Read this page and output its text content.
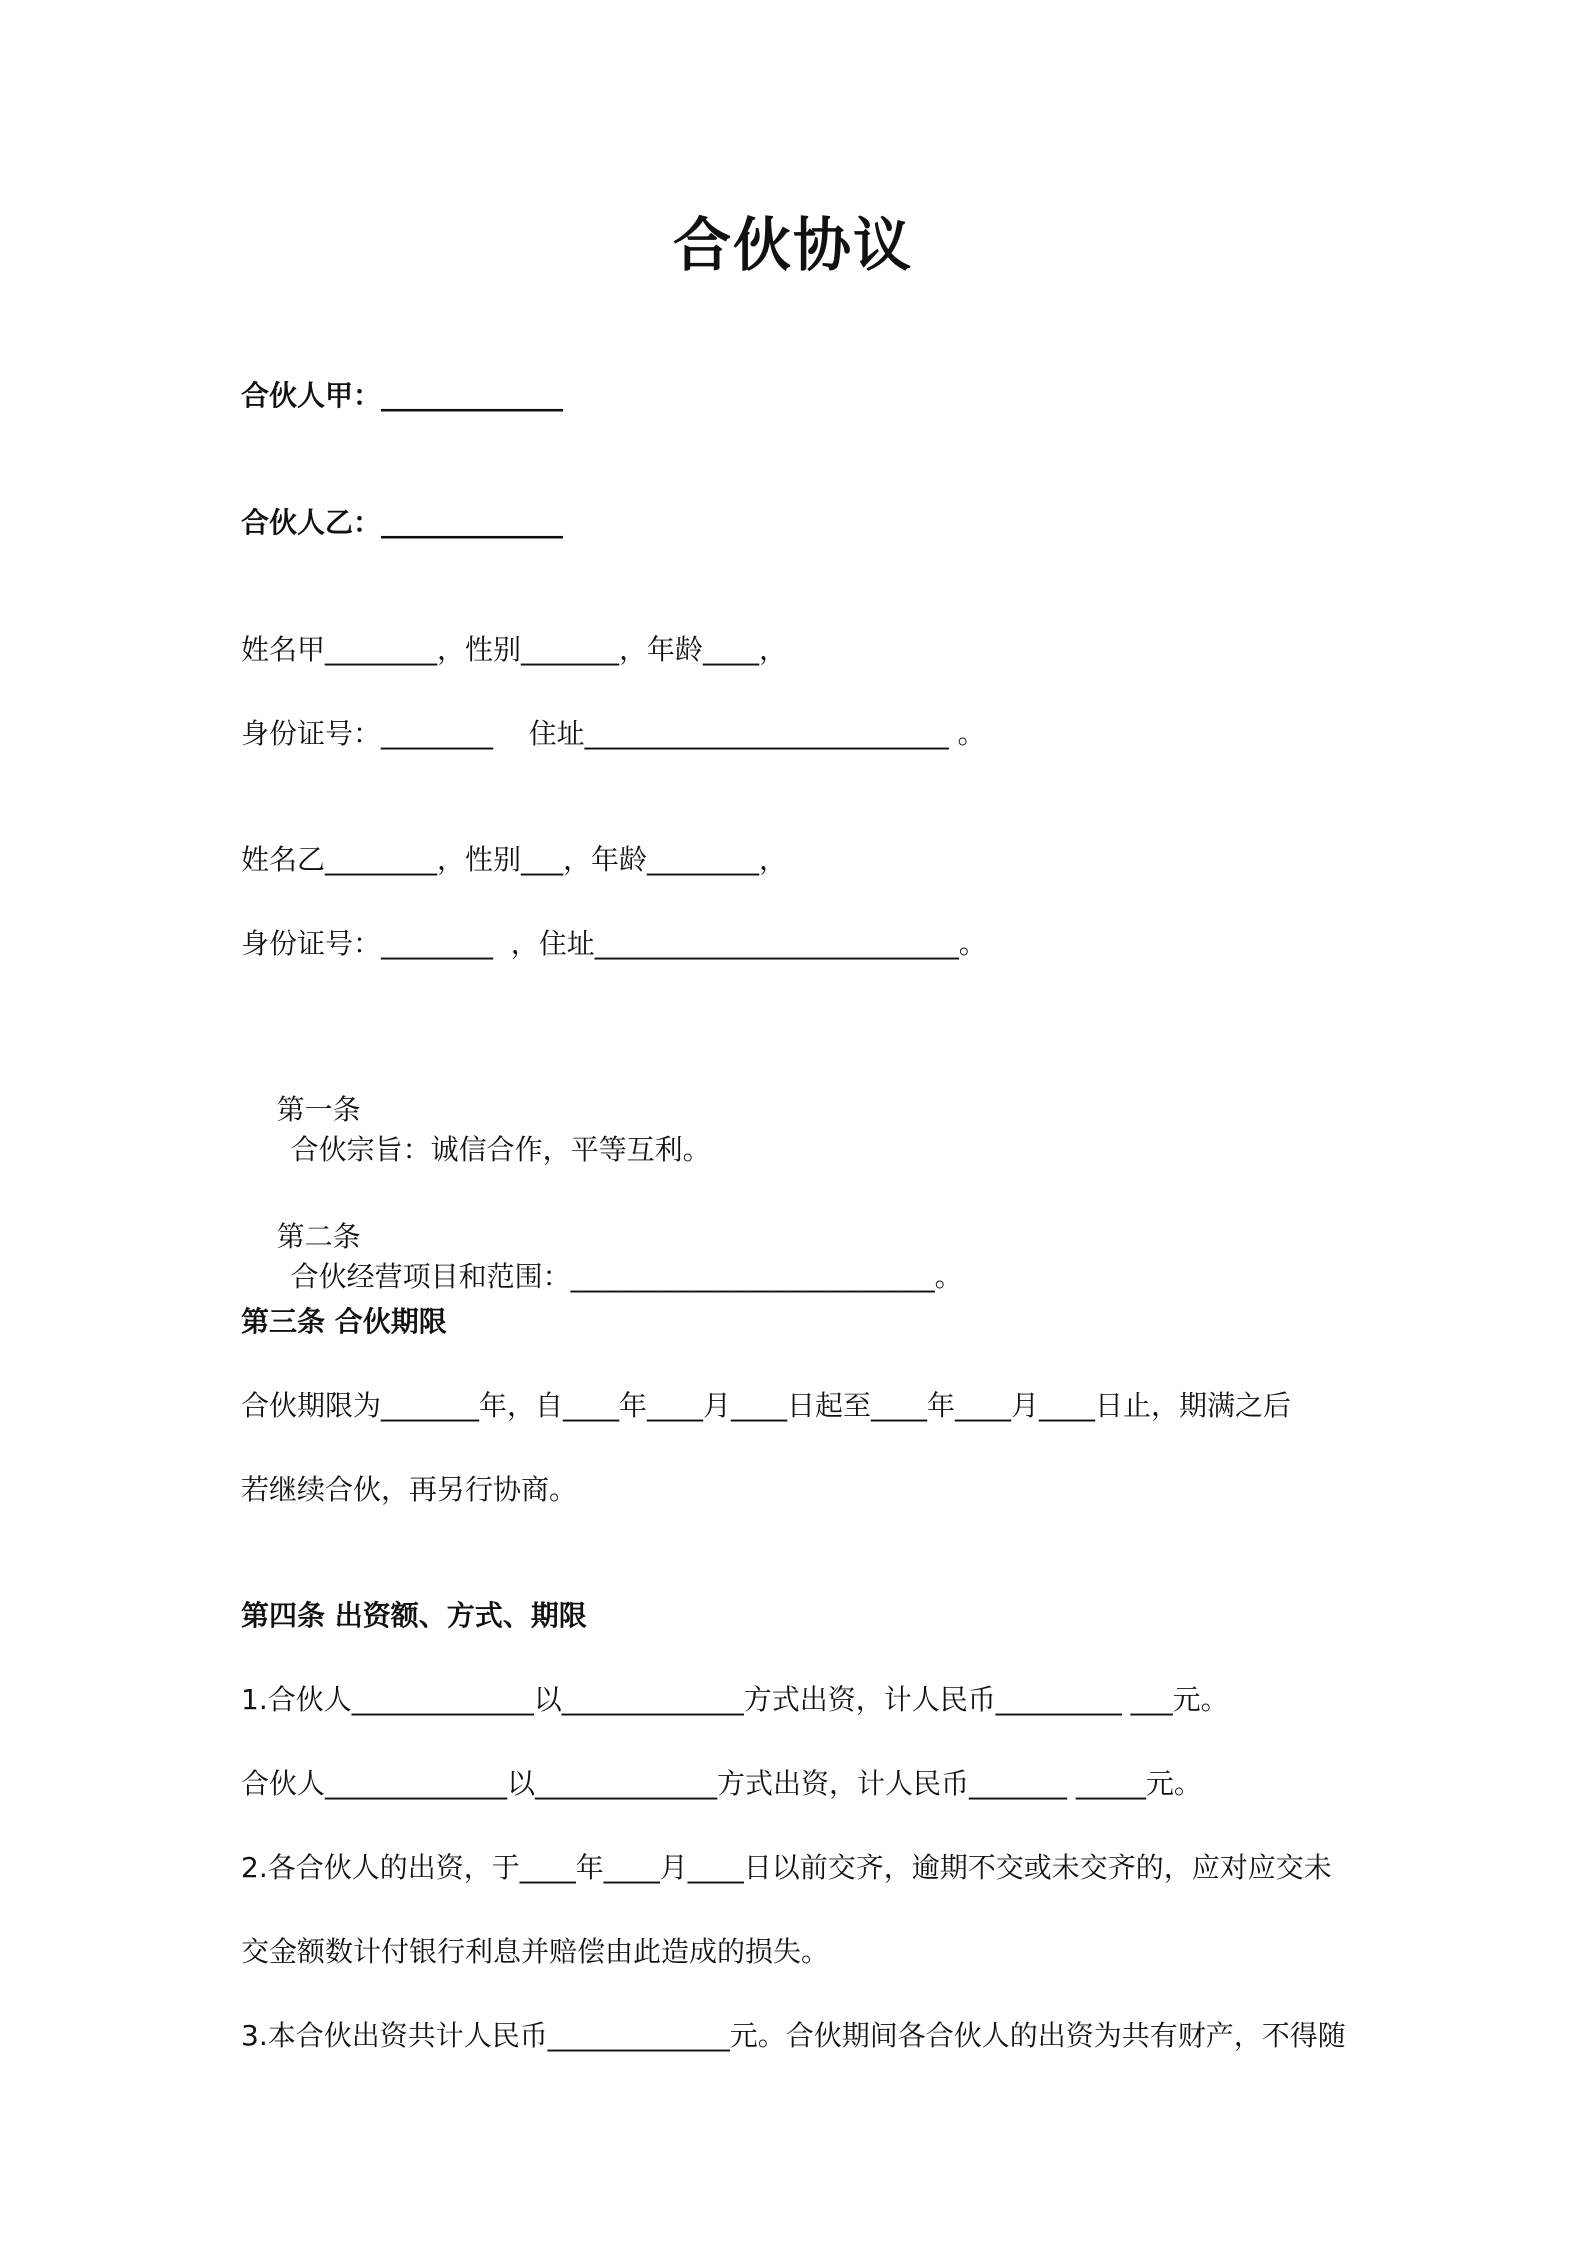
合伙协议
合伙人甲：_____________
合伙人乙：_____________
姓名甲________，性别_______，年龄____，
身份证号：________    住址__________________________ 。
姓名乙________，性别___，年龄________，
身份证号：________  ，住址__________________________。

第一条
合伙宗旨：诚信合作，平等互利。

第二条
合伙经营项目和范围：__________________________。

第三条 合伙期限
合伙期限为_______年，自____年____月____日起至____年____月____日止，期满之后
若继续合伙，再另行协商。
第四条 出资额、方式、期限
1.合伙人_____________以_____________方式出资，计人民币_________ ___元。
合伙人_____________以_____________方式出资，计人民币_______ _____元。
2.各合伙人的出资，于____年____月____日以前交齐，逾期不交或未交齐的，应对应交未
交金额数计付银行利息并赔偿由此造成的损失。
3.本合伙出资共计人民币_____________元。合伙期间各合伙人的出资为共有财产，不得随
